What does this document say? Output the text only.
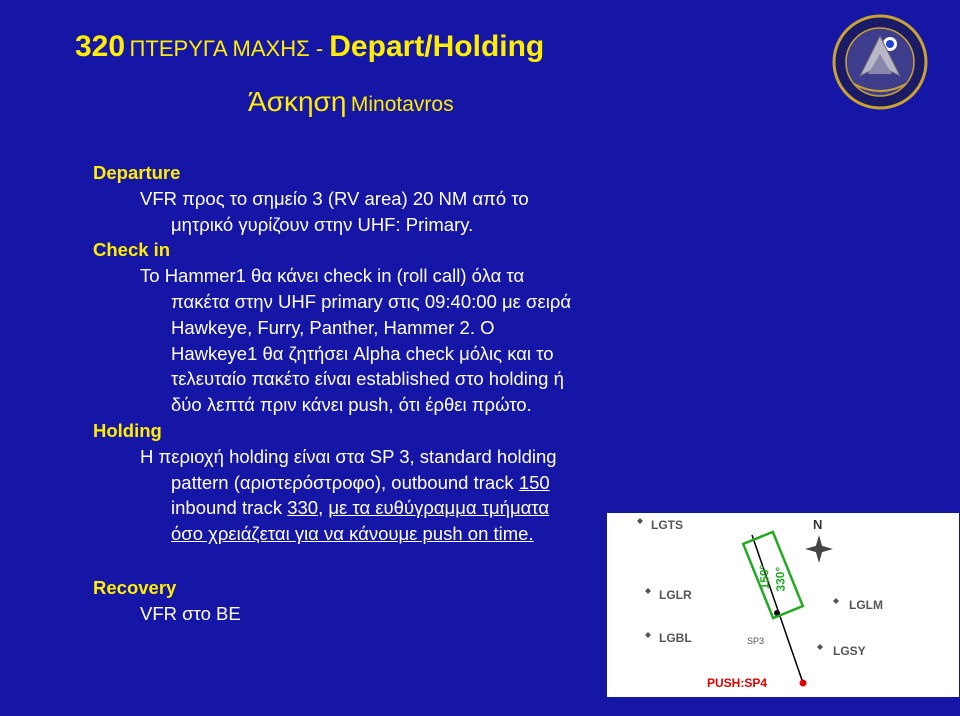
320 ΠΤΕΡΥΓΑ ΜΑΧΗΣ - Depart/Holding
Άσκηση Minotavros
Departure
VFR προς το σημείο 3 (RV area) 20 NM από το
μητρικό γυρίζουν στην UHF: Primary.
Check in
Το Hammer1 θα κάνει check in (roll call) όλα τα
πακέτα στην UHF primary στις 09:40:00 με σειρά
Hawkeye, Furry, Panther, Hammer 2. O
Hawkeye1 θα ζητήσει Alpha check μόλις και το
τελευταίο πακέτο είναι established στο holding ή
δύο λεπτά πριν κάνει push, ότι έρθει πρώτο.
Holding
Η περιοχή holding είναι στα SP 3, standard holding
pattern (αριστερόστροφο), outbound track 150
inbound track 330, με τα ευθύγραμμα τμήματα
όσο χρειάζεται για να κάνουμε push on time.
Recovery
VFR στο BE
LGTS	N
LGLR
LGLM
LGBL
LGSY
SP3
150° 330°
PUSH:SP4
